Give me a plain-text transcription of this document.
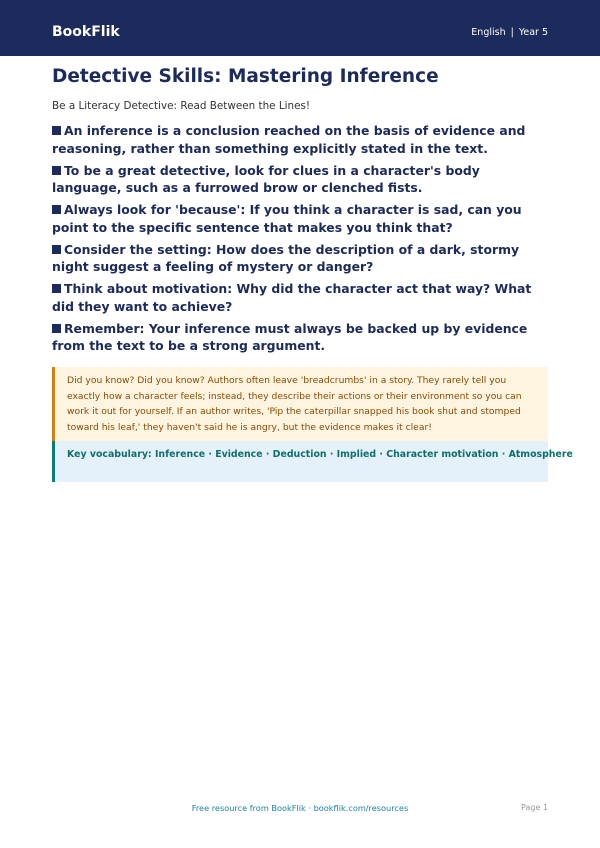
BookFlik	English | Year 5
Detective Skills: Mastering Inference

Be a Literacy Detective: Read Between the Lines!

An inference is a conclusion reached on the basis of evidence and reasoning, rather than something explicitly stated in the text.
To be a great detective, look for clues in a character's body language, such as a furrowed brow or clenched fists.
Always look for 'because': If you think a character is sad, can you point to the specific sentence that makes you think that?
Consider the setting: How does the description of a dark, stormy night suggest a feeling of mystery or danger?
Think about motivation: Why did the character act that way? What did they want to achieve?
Remember: Your inference must always be backed up by evidence from the text to be a strong argument.
Did you know? Did you know? Authors often leave 'breadcrumbs' in a story. They rarely tell you exactly how a character feels; instead, they describe their actions or their environment so you can work it out for yourself. If an author writes, 'Pip the caterpillar snapped his book shut and stomped toward his leaf,' they haven't said he is angry, but the evidence makes it clear!
Key vocabulary: Inference · Evidence · Deduction · Implied · Character motivation · Atmosphere
Free resource from BookFlik · bookflik.com/resources	Page 1
